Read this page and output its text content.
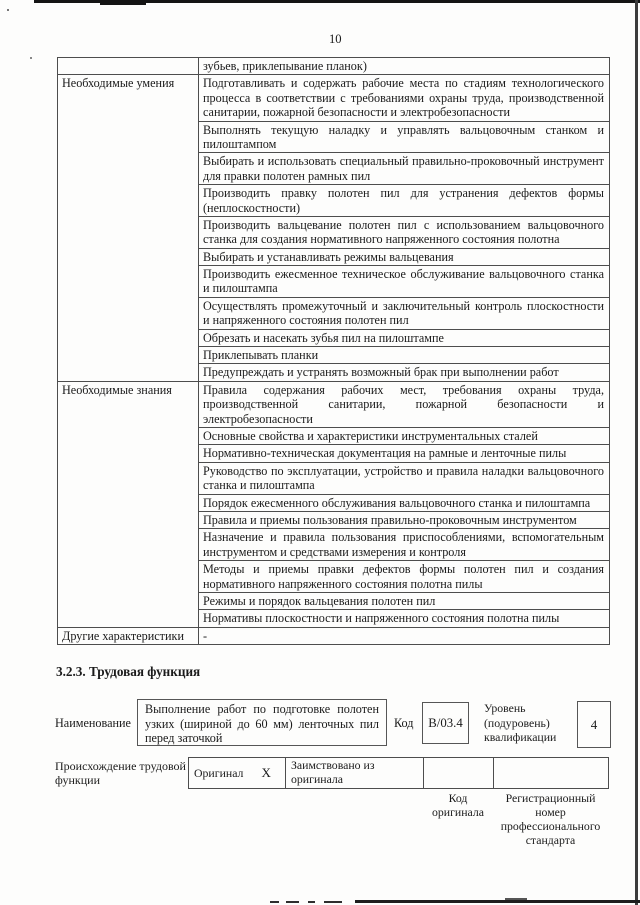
10
	зубьев, приклепывание планок)
Необходимые умения	Подготавливать и содержать рабочие места по стадиям технологического процесса в соответствии с требованиями охраны труда, производственной санитарии, пожарной безопасности и электробезопасности
	Выполнять текущую наладку и управлять вальцовочным станком и пилоштампом
	Выбирать и использовать специальный правильно-проковочный инструмент для правки полотен рамных пил
	Производить правку полотен пил для устранения дефектов формы (неплоскостности)
	Производить вальцевание полотен пил с использованием вальцовочного станка для создания нормативного напряженного состояния полотна
	Выбирать и устанавливать режимы вальцевания
	Производить ежесменное техническое обслуживание вальцовочного станка и пилоштампа
	Осуществлять промежуточный и заключительный контроль плоскостности и напряженного состояния полотен пил
	Обрезать и насекать зубья пил на пилоштампе
	Приклепывать планки
	Предупреждать и устранять возможный брак при выполнении работ
Необходимые знания	Правила содержания рабочих мест, требования охраны труда, производственной санитарии, пожарной безопасности и электробезопасности
	Основные свойства и характеристики инструментальных сталей
	Нормативно-техническая документация на рамные и ленточные пилы
	Руководство по эксплуатации, устройство и правила наладки вальцовочного станка и пилоштампа
	Порядок ежесменного обслуживания вальцовочного станка и пилоштампа
	Правила и приемы пользования правильно-проковочным инструментом
	Назначение и правила пользования приспособлениями, вспомогательным инструментом и средствами измерения и контроля
	Методы и приемы правки дефектов формы полотен пил и создания нормативного напряженного состояния полотна пилы
	Режимы и порядок вальцевания полотен пил
	Нормативы плоскостности и напряженного состояния полотна пилы
Другие характеристики	-
3.2.3. Трудовая функция
Наименование
Выполнение работ по подготовке полотен узких (шириной до 60 мм) ленточных пил перед заточкой
Код	В/03.4
Уровень (подуровень) квалификации
4
Происхождение трудовой функции
Оригинал X	Заимствовано из оригинала		
Код оригинала
Регистрационный номер профессионального стандарта
